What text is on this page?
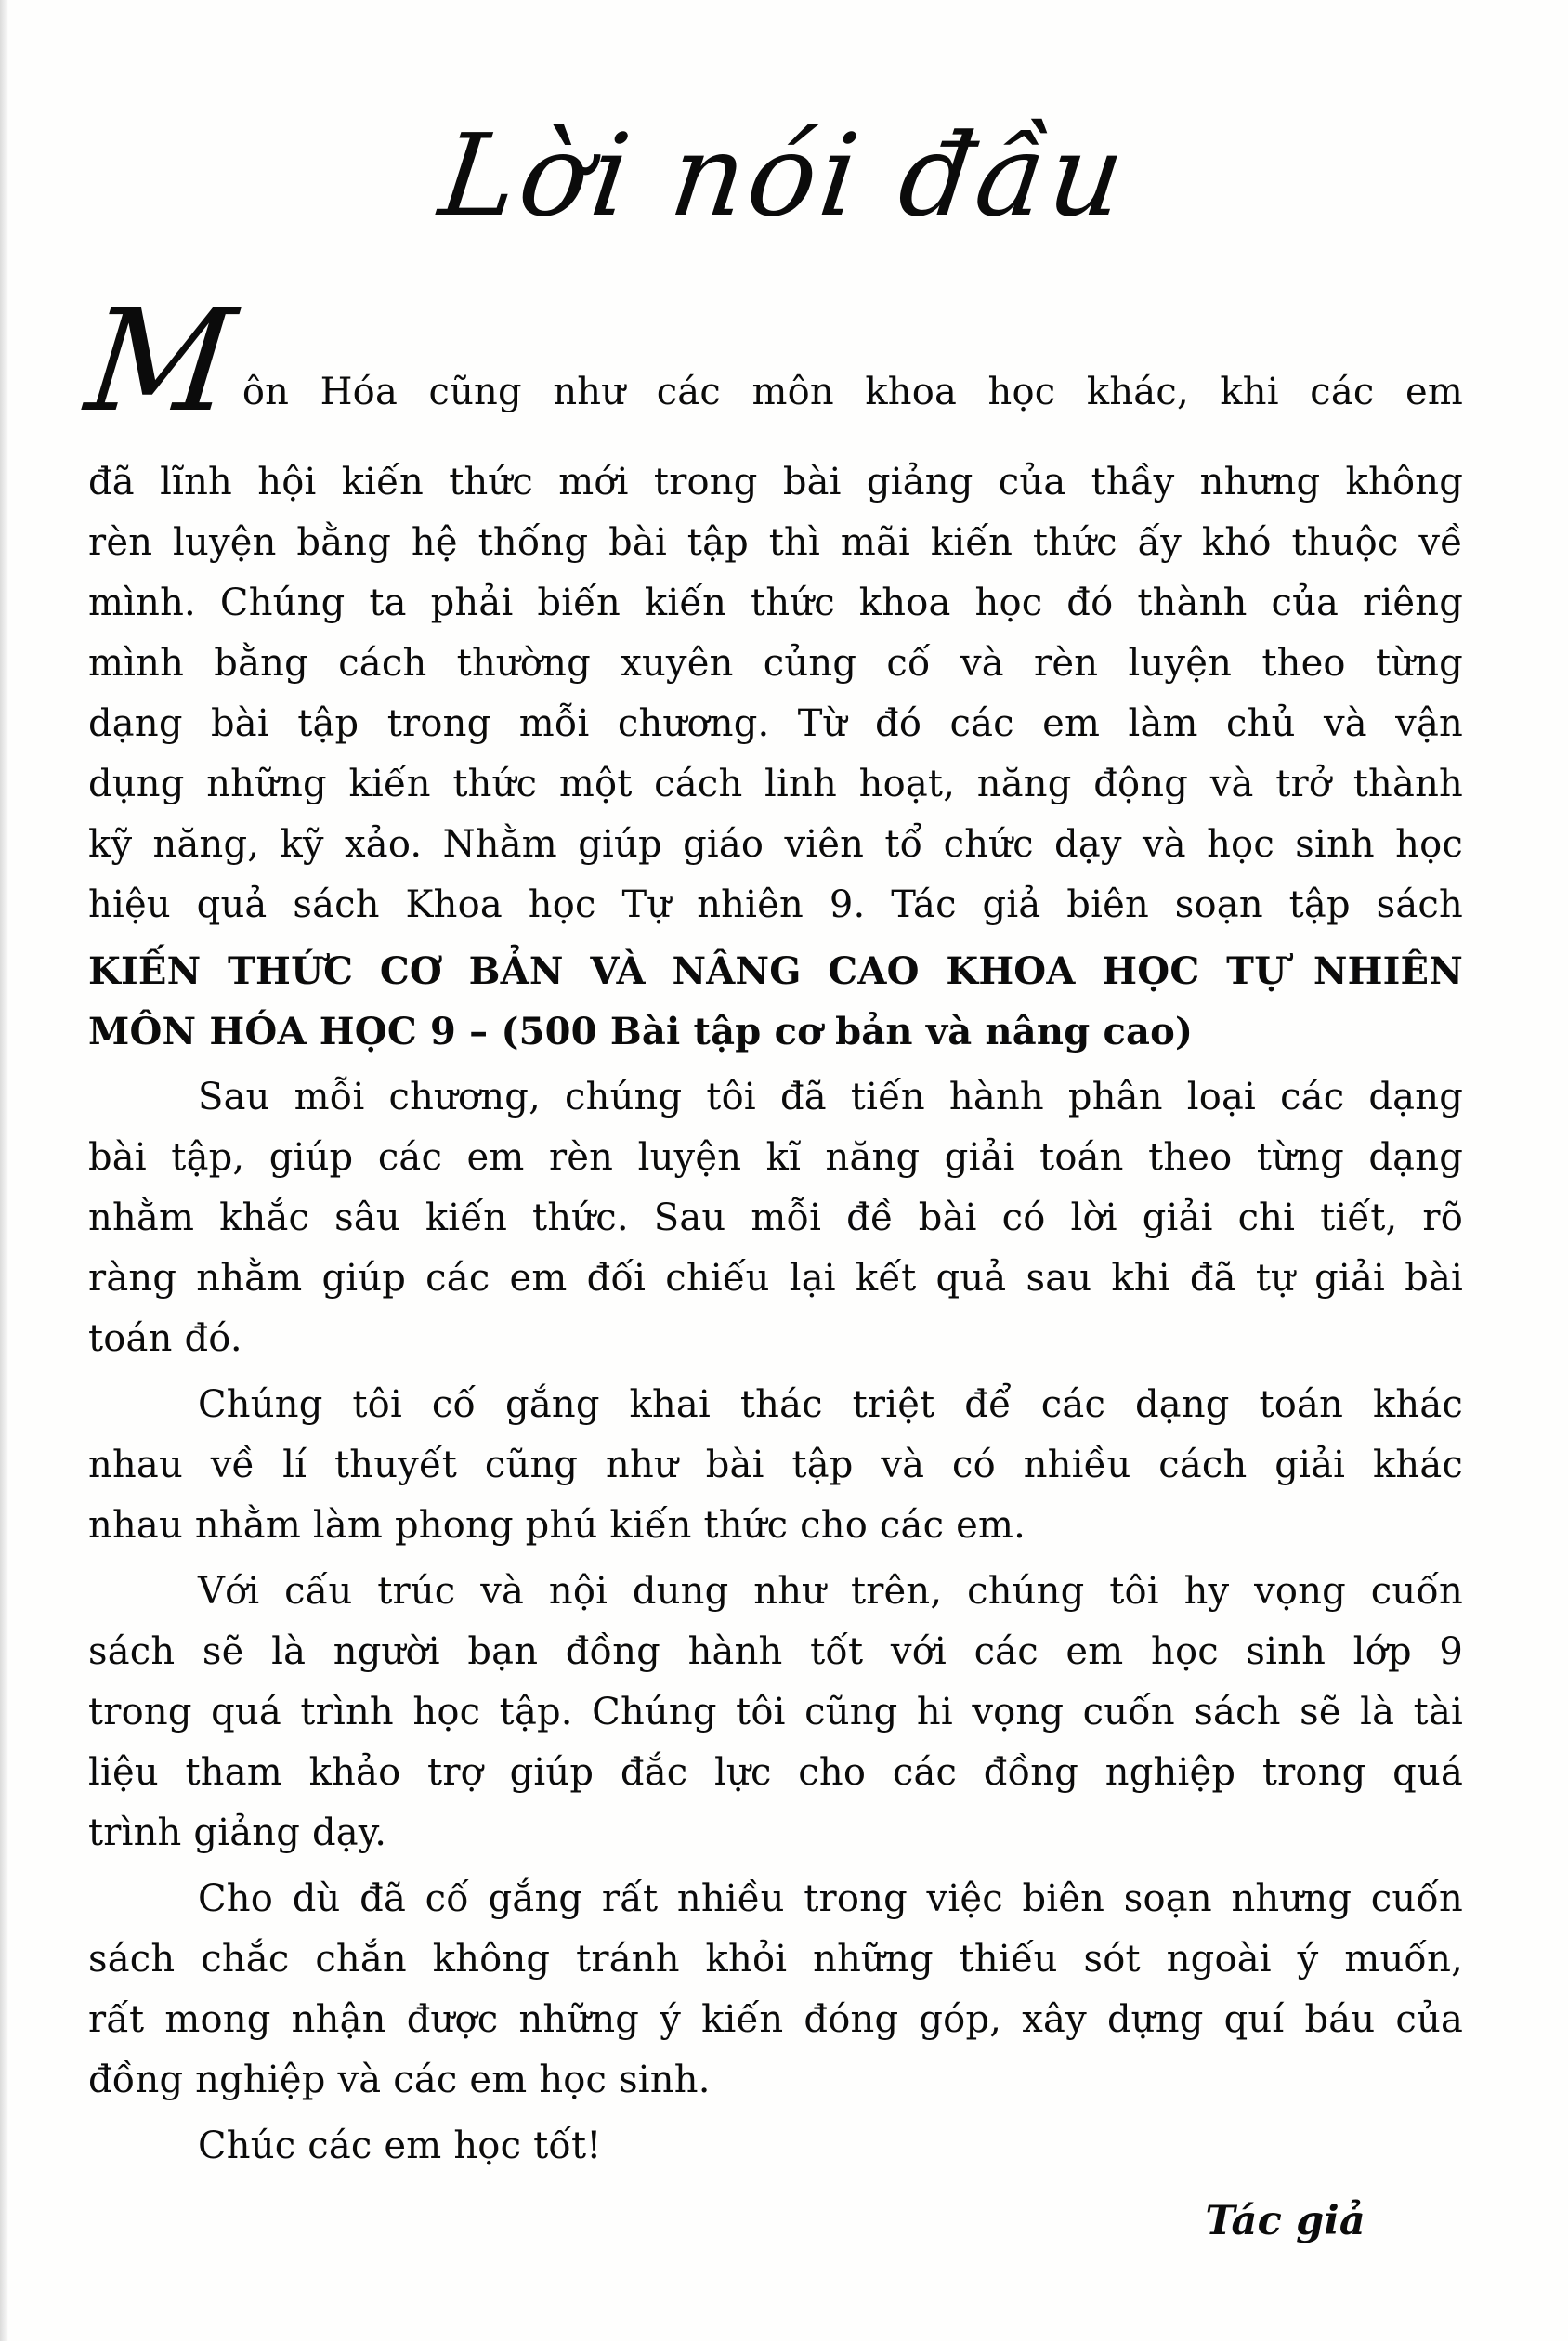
Lời nói đầu
Môn Hóa cũng như các môn khoa học khác, khi các em
đã lĩnh hội kiến thức mới trong bài giảng của thầy nhưng không
rèn luyện bằng hệ thống bài tập thì mãi kiến thức ấy khó thuộc về
mình. Chúng ta phải biến kiến thức khoa học đó thành của riêng
mình bằng cách thường xuyên củng cố và rèn luyện theo từng
dạng bài tập trong mỗi chương. Từ đó các em làm chủ và vận
dụng những kiến thức một cách linh hoạt, năng động và trở thành
kỹ năng, kỹ xảo. Nhằm giúp giáo viên tổ chức dạy và học sinh học
hiệu quả sách Khoa học Tự nhiên 9. Tác giả biên soạn tập sách
KIẾN THỨC CƠ BẢN VÀ NÂNG CAO KHOA HỌC TỰ NHIÊN
MÔN HÓA HỌC 9 – (500 Bài tập cơ bản và nâng cao)
Sau mỗi chương, chúng tôi đã tiến hành phân loại các dạng
bài tập, giúp các em rèn luyện kĩ năng giải toán theo từng dạng
nhằm khắc sâu kiến thức. Sau mỗi đề bài có lời giải chi tiết, rõ
ràng nhằm giúp các em đối chiếu lại kết quả sau khi đã tự giải bài
toán đó.
Chúng tôi cố gắng khai thác triệt để các dạng toán khác
nhau về lí thuyết cũng như bài tập và có nhiều cách giải khác
nhau nhằm làm phong phú kiến thức cho các em.
Với cấu trúc và nội dung như trên, chúng tôi hy vọng cuốn
sách sẽ là người bạn đồng hành tốt với các em học sinh lớp 9
trong quá trình học tập. Chúng tôi cũng hi vọng cuốn sách sẽ là tài
liệu tham khảo trợ giúp đắc lực cho các đồng nghiệp trong quá
trình giảng dạy.
Cho dù đã cố gắng rất nhiều trong việc biên soạn nhưng cuốn
sách chắc chắn không tránh khỏi những thiếu sót ngoài ý muốn,
rất mong nhận được những ý kiến đóng góp, xây dựng quí báu của
đồng nghiệp và các em học sinh.
Chúc các em học tốt!
Tác giả
